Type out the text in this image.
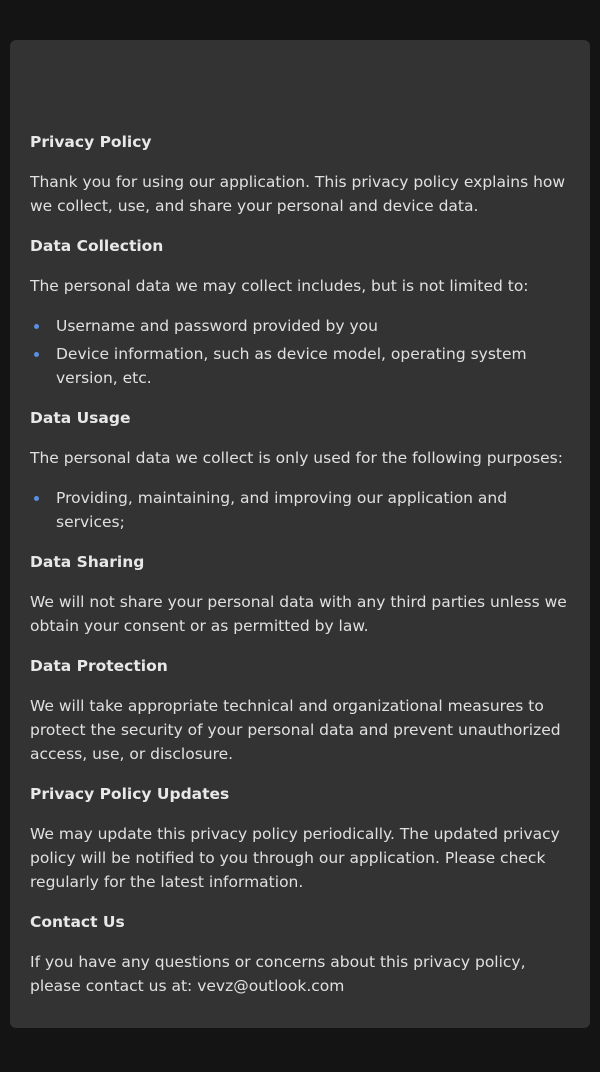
Privacy Policy

Thank you for using our application. This privacy policy explains how we collect, use, and share your personal and device data.

Data Collection

The personal data we may collect includes, but is not limited to:

Username and password provided by you
Device information, such as device model, operating system version, etc.
Data Usage

The personal data we collect is only used for the following purposes:

Providing, maintaining, and improving our application and services;
Data Sharing

We will not share your personal data with any third parties unless we obtain your consent or as permitted by law.

Data Protection

We will take appropriate technical and organizational measures to protect the security of your personal data and prevent unauthorized access, use, or disclosure.

Privacy Policy Updates

We may update this privacy policy periodically. The updated privacy policy will be notified to you through our application. Please check regularly for the latest information.

Contact Us

If you have any questions or concerns about this privacy policy, please contact us at: vevz@outlook.com
